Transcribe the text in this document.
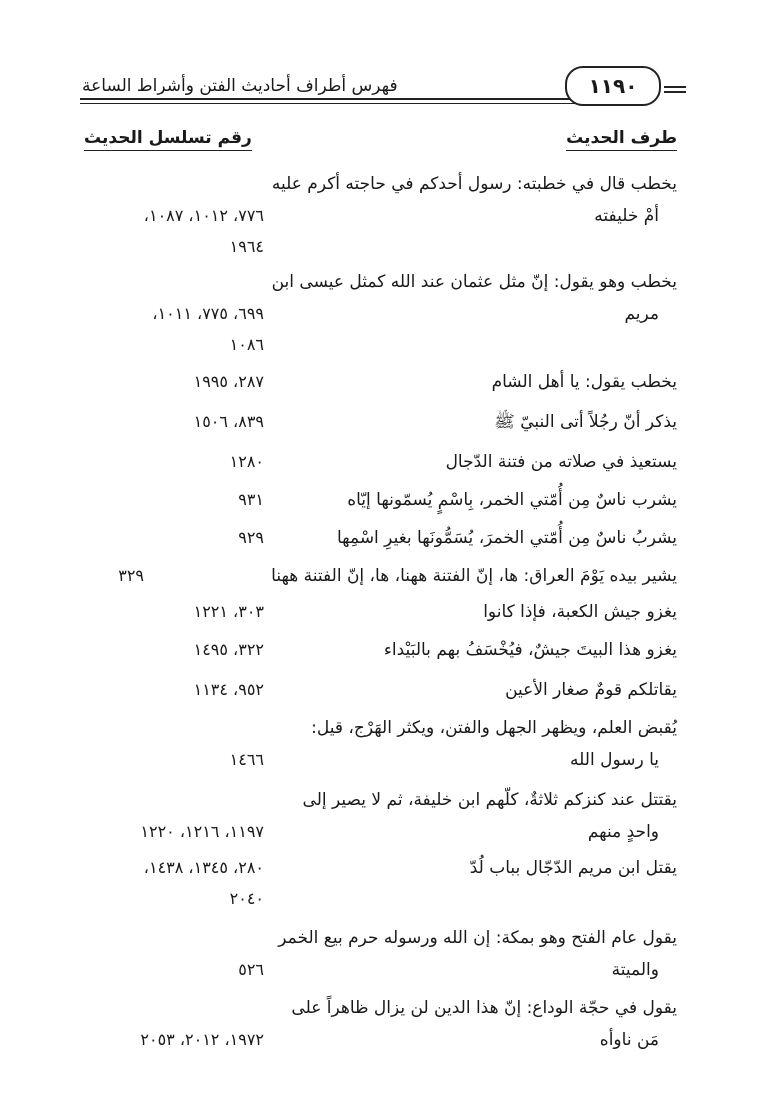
فهرس أطراف أحاديث الفتن وأشراط الساعة	١١٩٠
طرف الحديث
رقم تسلسل الحديث
يخطب قال في خطبته: رسول أحدكم في حاجته أكرم عليه
أمْ خليفته
٧٧٦، ١٠١٢، ١٠٨٧،
١٩٦٤
يخطب وهو يقول: إنّ مثل عثمان عند الله كمثل عيسى ابن
مريم
٦٩٩، ٧٧٥، ١٠١١،
١٠٨٦
يخطب يقول: يا أهل الشام
٢٨٧، ١٩٩٥
يذكر أنّ رجُلاً أتى النبيّ ﷺ
٨٣٩، ١٥٠٦
يستعيذ في صلاته من فتنة الدّجال
١٢٨٠
يشرب ناسٌ مِن أُمّتي الخمر، بِاسْمٍ يُسمّونها إيّاه
٩٣١
يشربُ ناسٌ مِن أُمّتي الخمرَ، يُسَمُّونَها بغيرِ اسْمِها
٩٢٩
يشير بيده يَوْمَ العراق: ها، إنّ الفتنة ههنا، ها، إنّ الفتنة ههنا
٣٢٩
يغزو جيش الكعبة، فإذا كانوا
٣٠٣، ١٢٢١
يغزو هذا البيتَ جيشٌ، فيُخْسَفُ بهم بالبَيْداء
٣٢٢، ١٤٩٥
يقاتلكم قومٌ صغار الأعين
٩٥٢، ١١٣٤
يُقبض العلم، ويظهر الجهل والفتن، ويكثر الهَرْج، قيل:
يا رسول الله
١٤٦٦
يقتتل عند كنزكم ثلاثةٌ، كلّهم ابن خليفة، ثم لا يصير إلى
واحدٍ منهم
١١٩٧، ١٢١٦، ١٢٢٠
يقتل ابن مريم الدّجّال بباب لُدّ
٢٨٠، ١٣٤٥، ١٤٣٨،
٢٠٤٠
يقول عام الفتح وهو بمكة: إن الله ورسوله حرم بيع الخمر
والميتة
٥٢٦
يقول في حجّة الوداع: إنّ هذا الدين لن يزال ظاهراً على
مَن ناوأه
١٩٧٢، ٢٠١٢، ٢٠٥٣
